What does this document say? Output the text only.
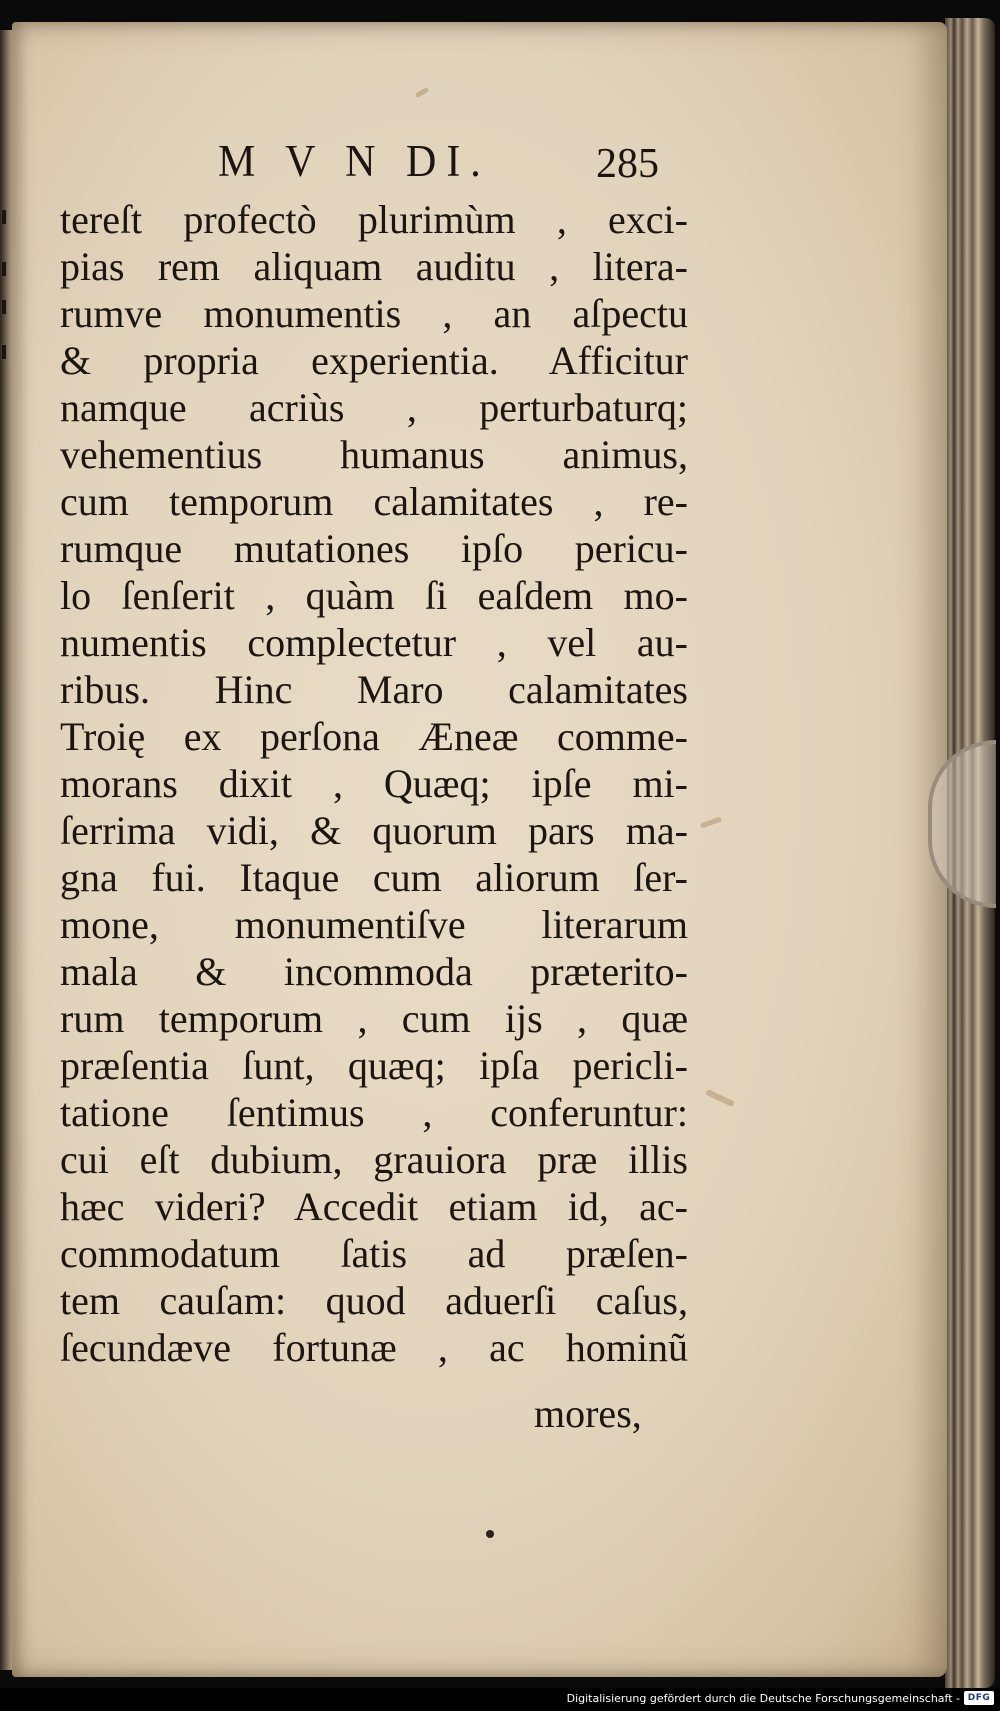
M V N DI.	285
tereſt profectò plurimùm , exci-
pias rem aliquam auditu , litera-
rumve monumentis , an aſpectu
& propria experientia. Afficitur
namque acriùs , perturbaturq;
vehementius humanus animus,
cum temporum calamitates , re-
rumque mutationes ipſo pericu-
lo ſenſerit , quàm ſi eaſdem mo-
numentis complectetur , vel au-
ribus. Hinc Maro calamitates
Troię ex perſona Æneæ comme-
morans dixit , Quæq; ipſe mi-
ſerrima vidi, & quorum pars ma-
gna fui. Itaque cum aliorum ſer-
mone, monumentiſve literarum
mala & incommoda præterito-
rum temporum , cum ijs , quæ
præſentia ſunt, quæq; ipſa pericli-
tatione ſentimus , conferuntur:
cui eſt dubium, grauiora præ illis
hæc videri? Accedit etiam id, ac-
commodatum ſatis ad præſen-
tem cauſam: quod aduerſi caſus,
ſecundæve fortunæ , ac hominũ
mores,
Digitalisierung gefördert durch die Deutsche Forschungsgemeinschaft - DFG
